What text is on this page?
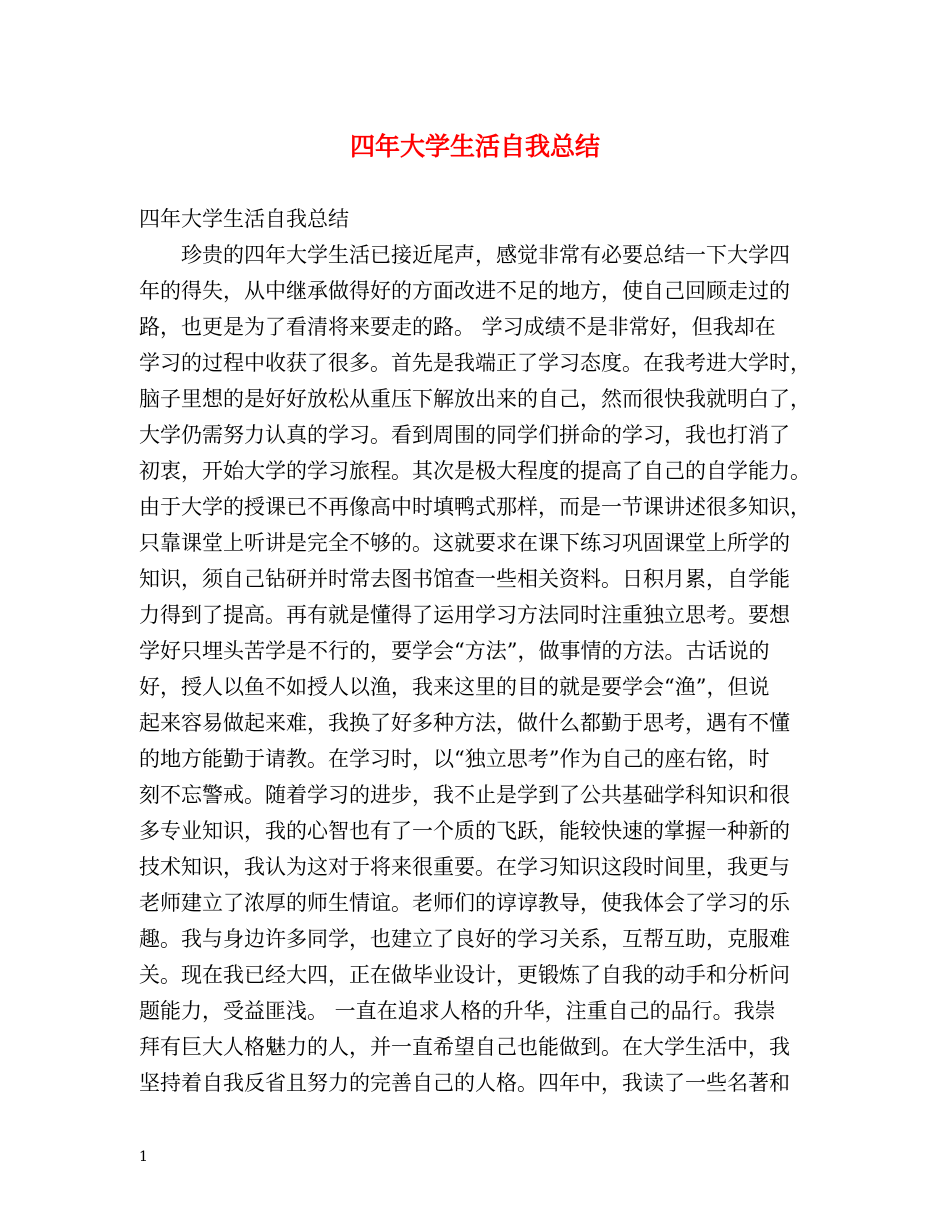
四年大学生活自我总结

四年大学生活自我总结

珍贵的四年大学生活已接近尾声，感觉非常有必要总结一下大学四
年的得失，从中继承做得好的方面改进不足的地方，使自己回顾走过的
路，也更是为了看清将来要走的路。 学习成绩不是非常好，但我却在
学习的过程中收获了很多。首先是我端正了学习态度。在我考进大学时，
脑子里想的是好好放松从重压下解放出来的自己，然而很快我就明白了，
大学仍需努力认真的学习。看到周围的同学们拼命的学习，我也打消了
初衷，开始大学的学习旅程。其次是极大程度的提高了自己的自学能力。
由于大学的授课已不再像高中时填鸭式那样，而是一节课讲述很多知识，
只靠课堂上听讲是完全不够的。这就要求在课下练习巩固课堂上所学的
知识，须自己钻研并时常去图书馆查一些相关资料。日积月累，自学能
力得到了提高。再有就是懂得了运用学习方法同时注重独立思考。要想
学好只埋头苦学是不行的，要学会“方法”，做事情的方法。古话说的
好，授人以鱼不如授人以渔，我来这里的目的就是要学会“渔”，但说
起来容易做起来难，我换了好多种方法，做什么都勤于思考，遇有不懂
的地方能勤于请教。在学习时，以“独立思考”作为自己的座右铭，时
刻不忘警戒。随着学习的进步，我不止是学到了公共基础学科知识和很
多专业知识，我的心智也有了一个质的飞跃，能较快速的掌握一种新的
技术知识，我认为这对于将来很重要。在学习知识这段时间里，我更与
老师建立了浓厚的师生情谊。老师们的谆谆教导，使我体会了学习的乐
趣。我与身边许多同学，也建立了良好的学习关系，互帮互助，克服难
关。现在我已经大四，正在做毕业设计，更锻炼了自我的动手和分析问
题能力，受益匪浅。 一直在追求人格的升华，注重自己的品行。我崇
拜有巨大人格魅力的人，并一直希望自己也能做到。在大学生活中，我
坚持着自我反省且努力的完善自己的人格。四年中，我读了一些名著和

1
